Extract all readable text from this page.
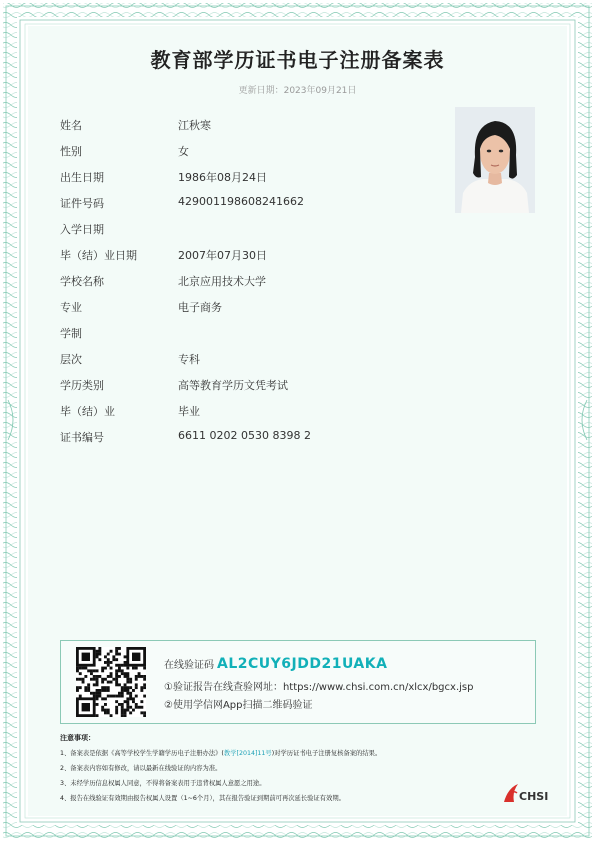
教育部学历证书电子注册备案表
更新日期：2023年09月21日
姓名	江秋寒
性别	女
出生日期	1986年08月24日
证件号码	429001198608241662
入学日期
毕（结）业日期	2007年07月30日
学校名称	北京应用技术大学
专业	电子商务
学制
层次	专科
学历类别	高等教育学历文凭考试
毕（结）业	毕业
证书编号	6611 0202 0530 8398 2
在线验证码 AL2CUY6JDD21UAKA
①验证报告在线查验网址：https://www.chsi.com.cn/xlcx/bgcx.jsp
②使用学信网App扫描二维码验证
注意事项：
1、备案表是依据《高等学校学生学籍学历电子注册办法》(教学[2014]11号)对学历证书电子注册复核备案的结果。
2、备案表内容如有修改，请以最新在线验证的内容为准。
3、未经学历信息权属人同意，不得将备案表用于违背权属人意愿之用途。
4、报告在线验证有效期由报告权属人设置（1~6个月），其在报告验证到期前可再次延长验证有效期。	CHSI
